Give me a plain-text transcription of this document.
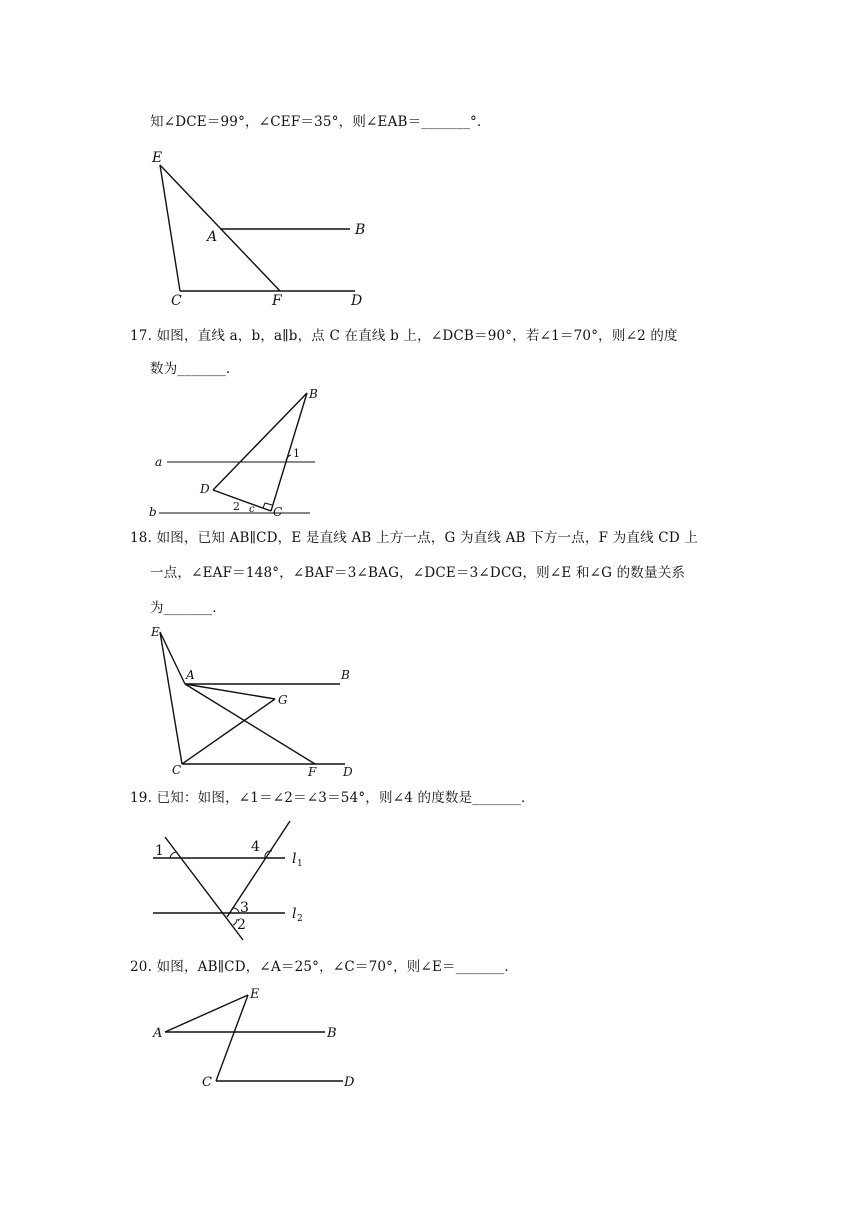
知∠DCE＝99°，∠CEF＝35°，则∠EAB＝_______°．
E
A	B
C	F	D
17. 如图，直线 a，b，a∥b，点 C 在直线 b 上，∠DCB＝90°，若∠1＝70°，则∠2 的度
数为_______．
B
a
1
D
2 c C
b
18. 如图，已知 AB∥CD，E 是直线 AB 上方一点，G 为直线 AB 下方一点，F 为直线 CD 上
一点，∠EAF＝148°，∠BAF＝3∠BAG，∠DCE＝3∠DCG，则∠E 和∠G 的数量关系
为_______．
E
A	B
G
C	F D
19. 已知：如图，∠1＝∠2＝∠3＝54°，则∠4 的度数是_______．
1	4
l 1
3	l 2
2
20. 如图，AB∥CD，∠A＝25°，∠C＝70°，则∠E＝_______．
E
A	B
C	D
